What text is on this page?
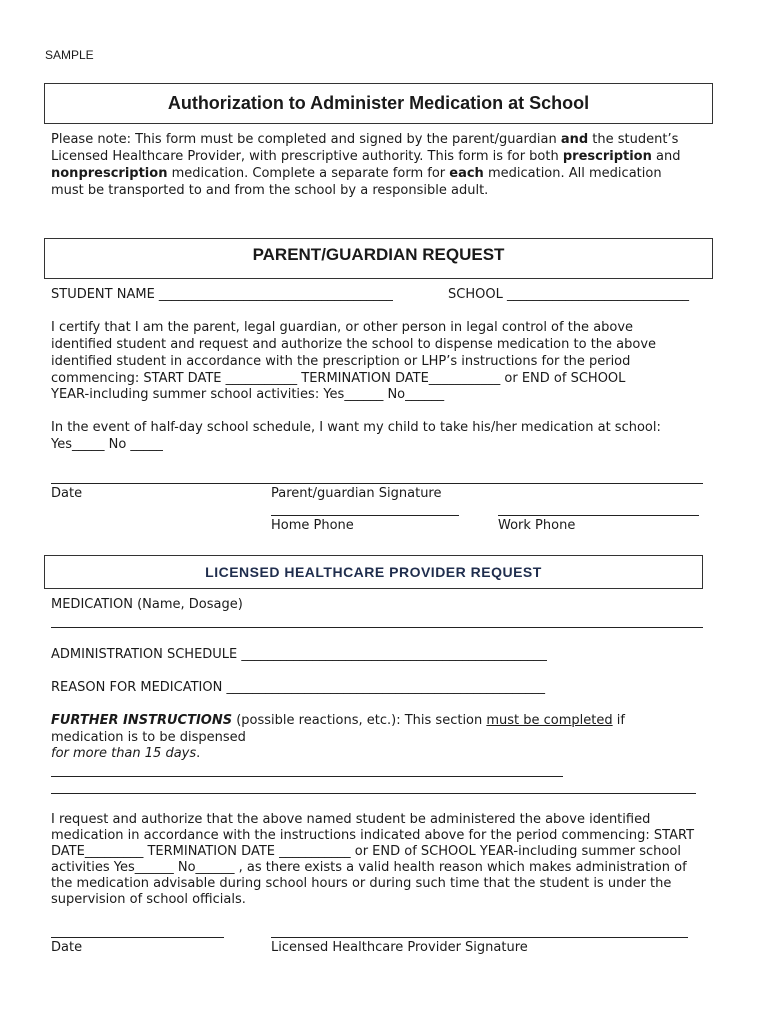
SAMPLE
Authorization to Administer Medication at School
Please note: This form must be completed and signed by the parent/guardian and the student’s
Licensed Healthcare Provider, with prescriptive authority. This form is for both prescription and
nonprescription medication. Complete a separate form for each medication. All medication
must be transported to and from the school by a responsible adult.
PARENT/GUARDIAN REQUEST
STUDENT NAME ____________________________________	SCHOOL ____________________________
I certify that I am the parent, legal guardian, or other person in legal control of the above
identified student and request and authorize the school to dispense medication to the above
identified student in accordance with the prescription or LHP’s instructions for the period
commencing: START DATE ___________ TERMINATION DATE___________ or END of SCHOOL
YEAR-including summer school activities: Yes______ No______
In the event of half-day school schedule, I want my child to take his/her medication at school:
Yes_____ No _____
Date	Parent/guardian Signature
Home Phone	Work Phone
LICENSED HEALTHCARE PROVIDER REQUEST
MEDICATION (Name, Dosage)
ADMINISTRATION SCHEDULE _______________________________________________
REASON FOR MEDICATION _________________________________________________
FURTHER INSTRUCTIONS (possible reactions, etc.): This section must be completed if
medication is to be dispensed
for more than 15 days.
I request and authorize that the above named student be administered the above identified
medication in accordance with the instructions indicated above for the period commencing: START
DATE_________ TERMINATION DATE ___________ or END of SCHOOL YEAR-including summer school
activities Yes______ No______ , as there exists a valid health reason which makes administration of
the medication advisable during school hours or during such time that the student is under the
supervision of school officials.
Date	Licensed Healthcare Provider Signature
